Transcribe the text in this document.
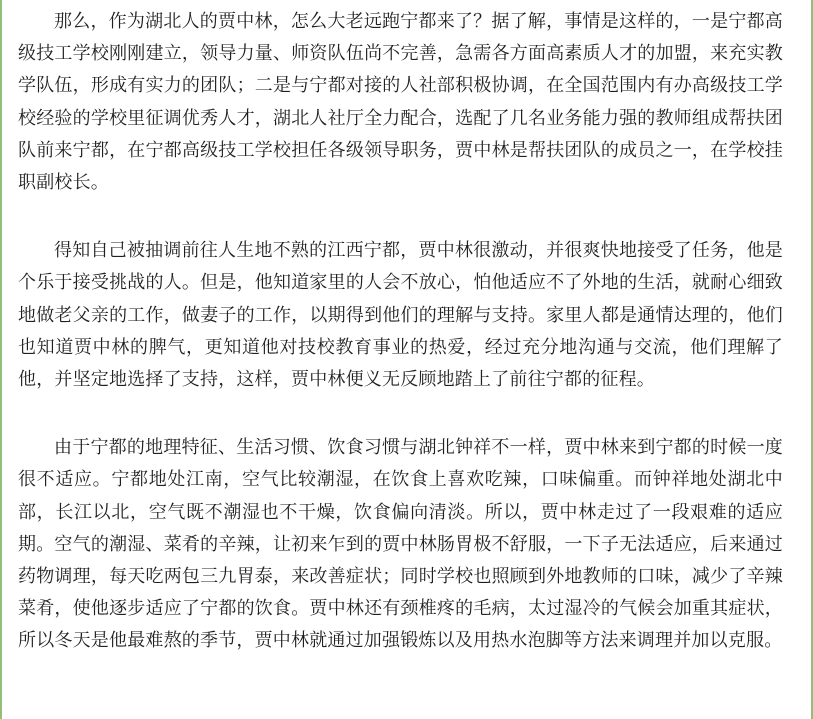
那么，作为湖北人的贾中林，怎么大老远跑宁都来了？据了解，事情是这样的，一是宁都高级技工学校刚刚建立，领导力量、师资队伍尚不完善，急需各方面高素质人才的加盟，来充实教学队伍，形成有实力的团队；二是与宁都对接的人社部积极协调，在全国范围内有办高级技工学校经验的学校里征调优秀人才，湖北人社厅全力配合，选配了几名业务能力强的教师组成帮扶团队前来宁都，在宁都高级技工学校担任各级领导职务，贾中林是帮扶团队的成员之一，在学校挂职副校长。

得知自己被抽调前往人生地不熟的江西宁都，贾中林很激动，并很爽快地接受了任务，他是个乐于接受挑战的人。但是，他知道家里的人会不放心，怕他适应不了外地的生活，就耐心细致地做老父亲的工作，做妻子的工作，以期得到他们的理解与支持。家里人都是通情达理的，他们也知道贾中林的脾气，更知道他对技校教育事业的热爱，经过充分地沟通与交流，他们理解了他，并坚定地选择了支持，这样，贾中林便义无反顾地踏上了前往宁都的征程。

由于宁都的地理特征、生活习惯、饮食习惯与湖北钟祥不一样，贾中林来到宁都的时候一度很不适应。宁都地处江南，空气比较潮湿，在饮食上喜欢吃辣，口味偏重。而钟祥地处湖北中部，长江以北，空气既不潮湿也不干燥，饮食偏向清淡。所以，贾中林走过了一段艰难的适应期。空气的潮湿、菜肴的辛辣，让初来乍到的贾中林肠胃极不舒服，一下子无法适应，后来通过药物调理，每天吃两包三九胃泰，来改善症状；同时学校也照顾到外地教师的口味，减少了辛辣菜肴，使他逐步适应了宁都的饮食。贾中林还有颈椎疼的毛病，太过湿冷的气候会加重其症状，所以冬天是他最难熬的季节，贾中林就通过加强锻炼以及用热水泡脚等方法来调理并加以克服。
